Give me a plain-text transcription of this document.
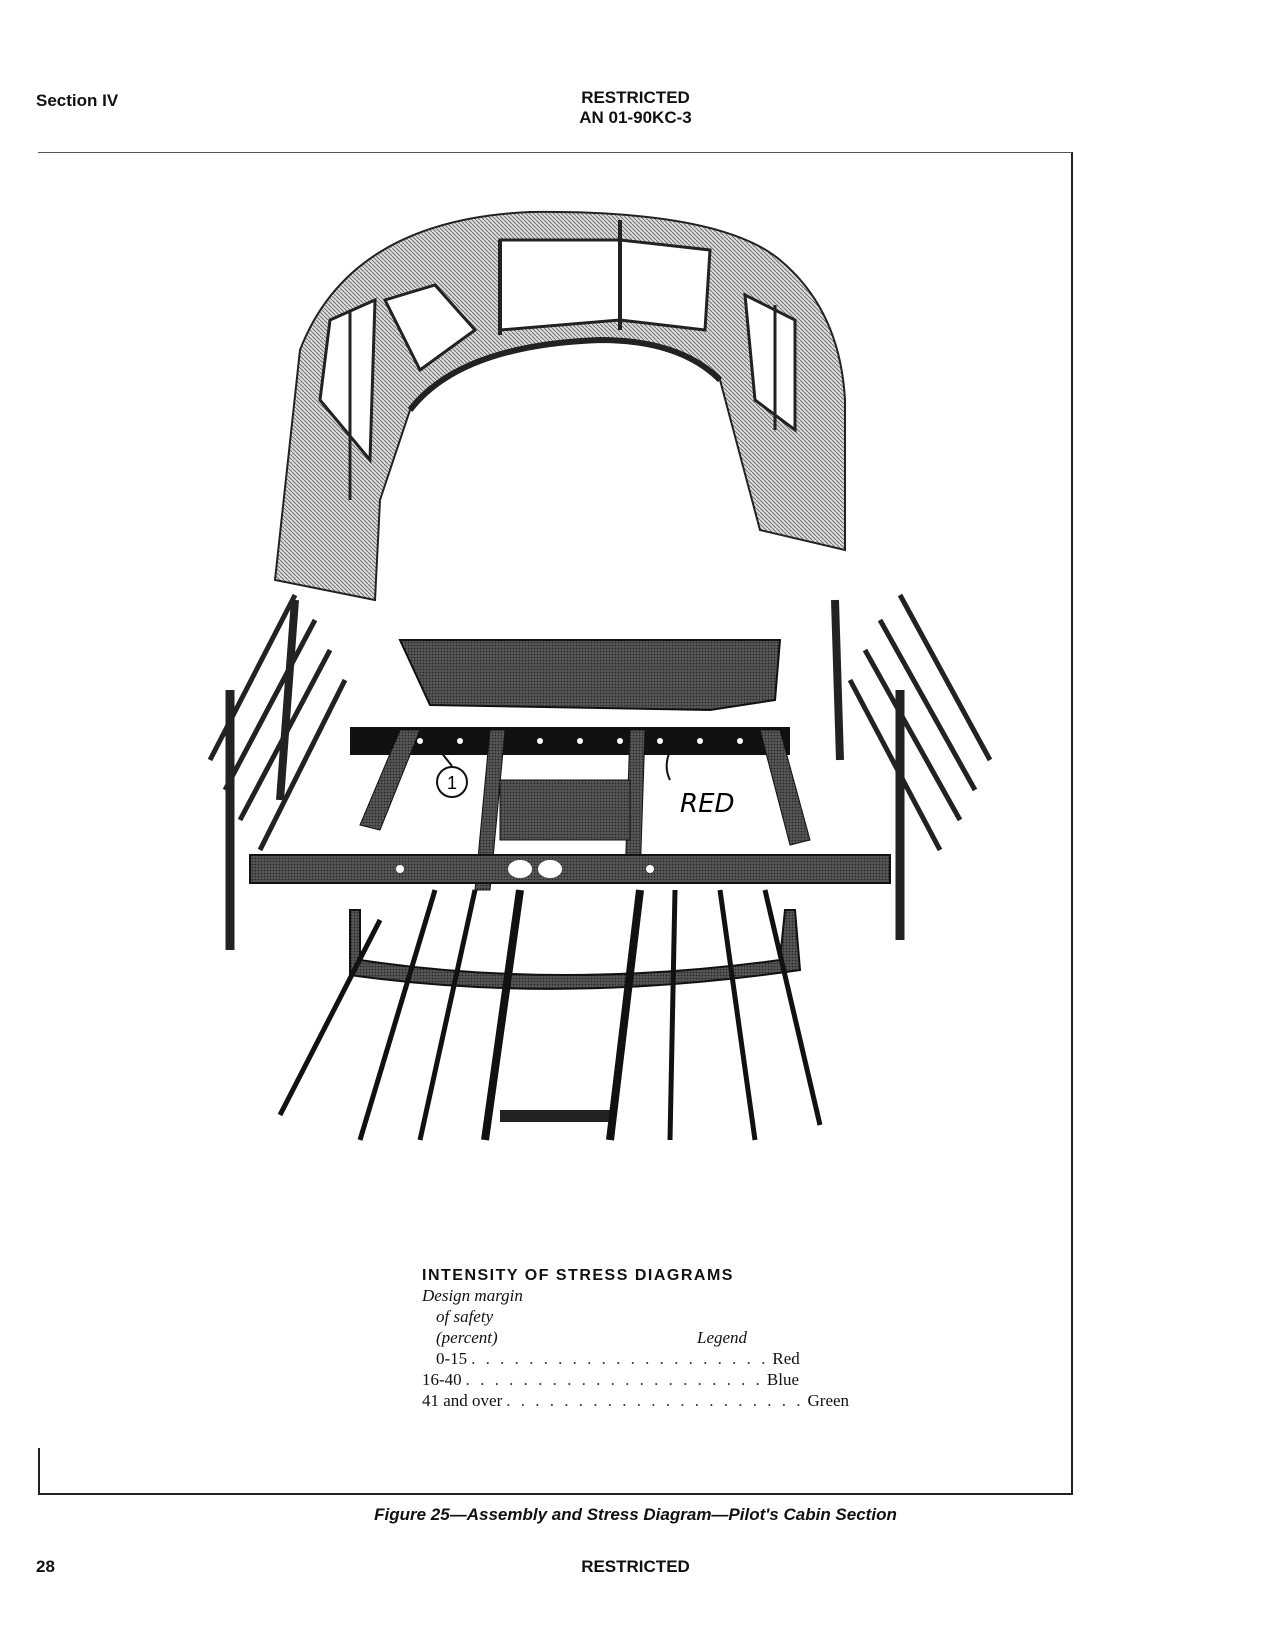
Section IV	RESTRICTED
AN 01-90KC-3
1
RED
INTENSITY OF STRESS DIAGRAMS
Design margin
of safety
(percent)	Legend
0-15 . . . . . . . . . . . . . . . . . . . . . Red
16-40 . . . . . . . . . . . . . . . . . . . . . Blue
41 and over . . . . . . . . . . . . . . . . . . . . . Green
Figure 25—Assembly and Stress Diagram—Pilot's Cabin Section
28	RESTRICTED
